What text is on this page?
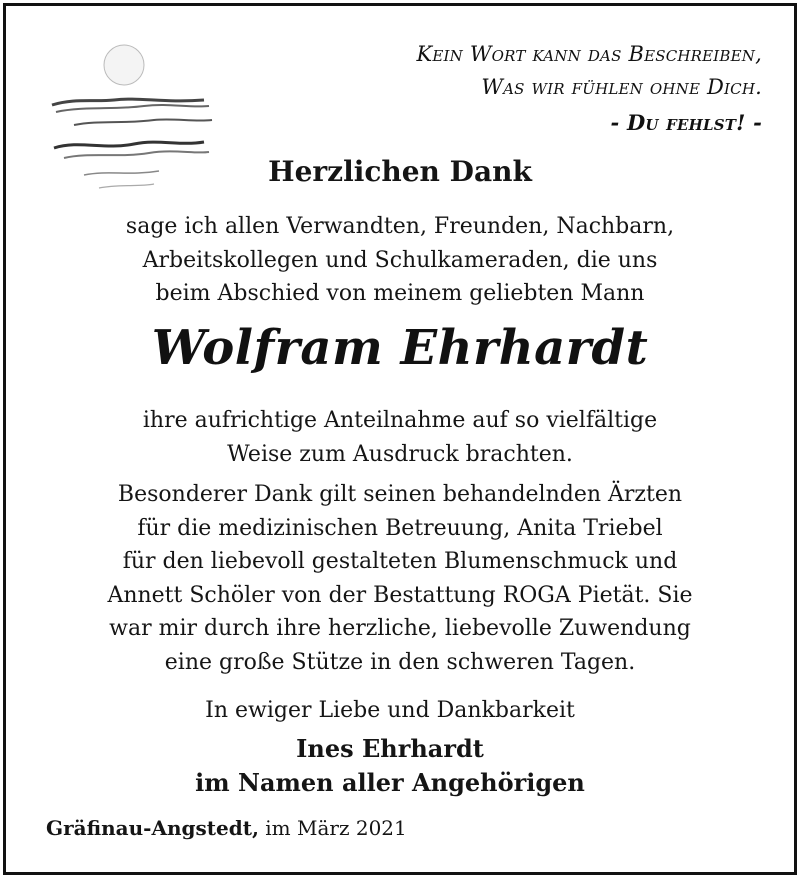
Kein Wort kann das Beschreiben,
Was wir fühlen ohne Dich.
- Du fehlst! -
Herzlichen Dank
sage ich allen Verwandten, Freunden, Nachbarn,
Arbeitskollegen und Schulkameraden, die uns
beim Abschied von meinem geliebten Mann
Wolfram Ehrhardt
ihre aufrichtige Anteilnahme auf so vielfältige
Weise zum Ausdruck brachten.
Besonderer Dank gilt seinen behandelnden Ärzten
für die medizinischen Betreuung, Anita Triebel
für den liebevoll gestalteten Blumenschmuck und
Annett Schöler von der Bestattung ROGA Pietät. Sie
war mir durch ihre herzliche, liebevolle Zuwendung
eine große Stütze in den schweren Tagen.
In ewiger Liebe und Dankbarkeit
Ines Ehrhardt
im Namen aller Angehörigen
Gräfinau-Angstedt, im März 2021
